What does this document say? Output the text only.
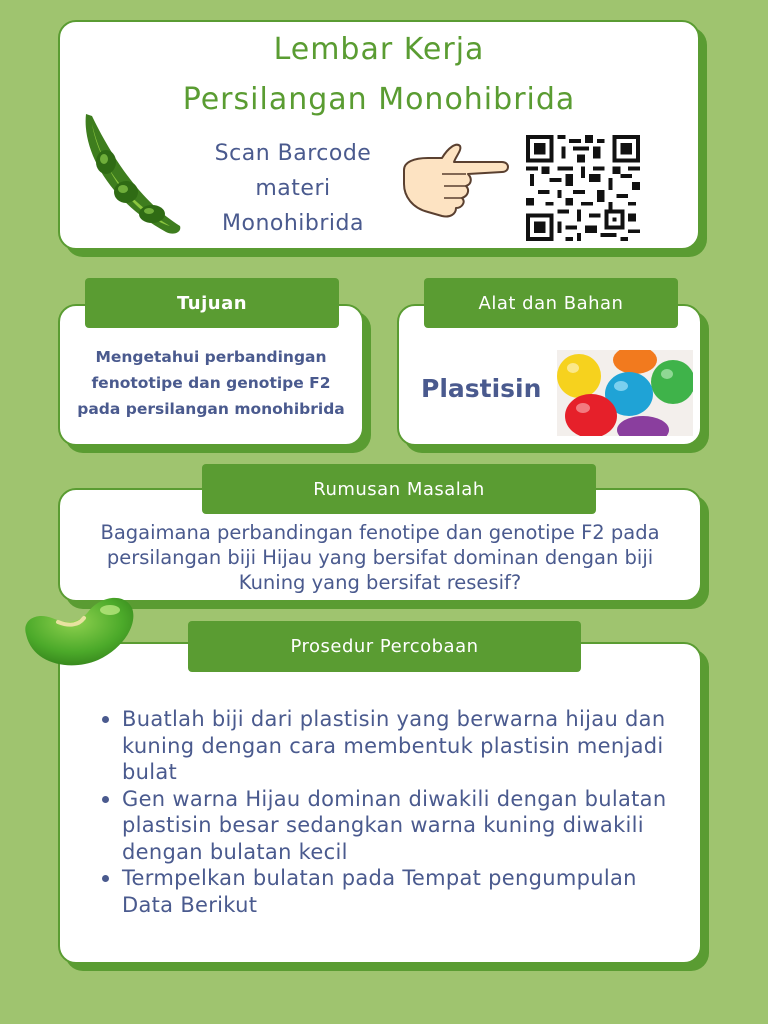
Lembar Kerja
Persilangan Monohibrida
Scan Barcode
materi
Monohibrida
Mengetahui perbandingan fenototipe dan genotipe F2 pada persilangan monohibrida
Tujuan
Plastisin
Alat dan Bahan
Bagaimana perbandingan fenotipe dan genotipe F2 pada persilangan biji Hijau yang bersifat dominan dengan biji Kuning yang bersifat resesif?
Rumusan Masalah
Buatlah biji dari plastisin yang berwarna hijau dan kuning dengan cara membentuk plastisin menjadi bulat
Gen warna Hijau dominan diwakili dengan bulatan plastisin besar sedangkan warna kuning diwakili dengan bulatan kecil
Termpelkan bulatan pada Tempat pengumpulan Data Berikut
Prosedur Percobaan
